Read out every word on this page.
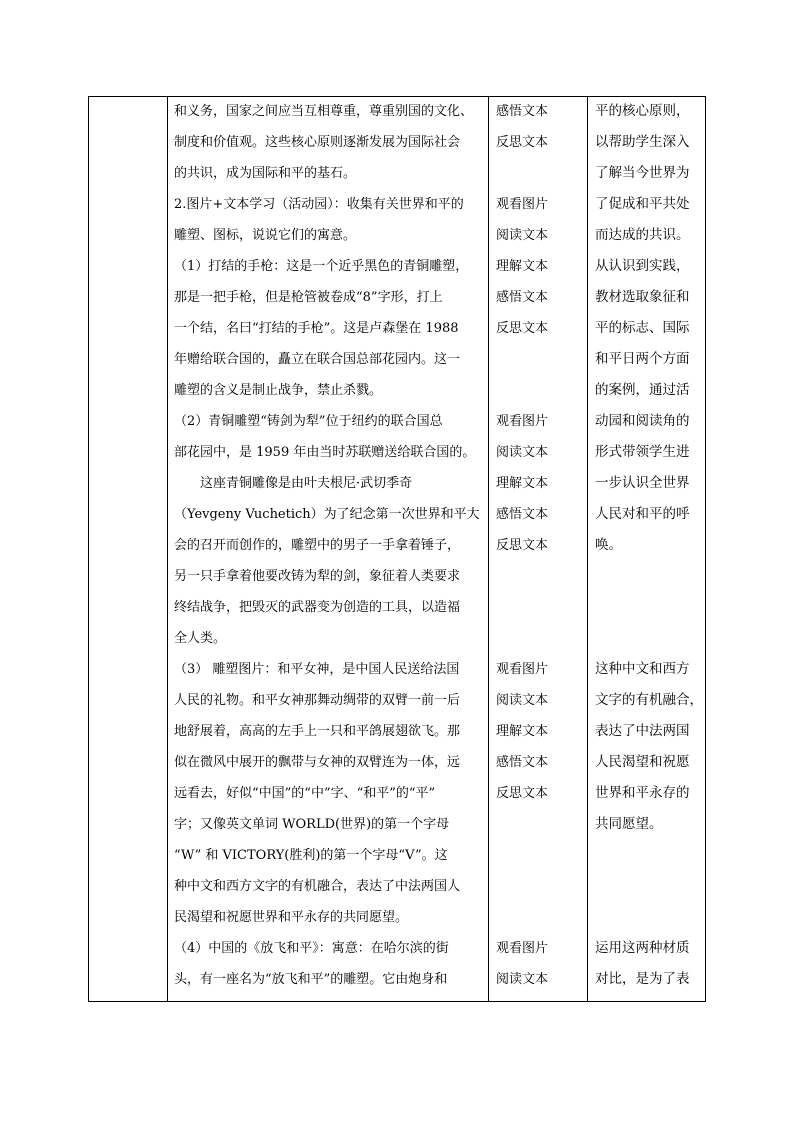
和义务，国家之间应当互相尊重，尊重别国的文化、
制度和价值观。这些核心原则逐渐发展为国际社会
的共识，成为国际和平的基石。
2.图片+文本学习（活动园）：收集有关世界和平的
雕塑、图标，说说它们的寓意。
（1）打结的手枪：这是一个近乎黑色的青铜雕塑，
那是一把手枪，但是枪管被卷成“8”字形，打上
一个结，名曰“打结的手枪”。这是卢森堡在 1988
年赠给联合国的，矗立在联合国总部花园内。这一
雕塑的含义是制止战争，禁止杀戮。
（2）青铜雕塑“铸剑为犁”位于纽约的联合国总
部花园中，是 1959 年由当时苏联赠送给联合国的。
　　这座青铜雕像是由叶夫根尼·武切季奇
（Yevgeny Vuchetich）为了纪念第一次世界和平大
会的召开而创作的，雕塑中的男子一手拿着锤子，
另一只手拿着他要改铸为犁的剑，象征着人类要求
终结战争，把毁灭的武器变为创造的工具，以造福
全人类。
（3） 雕塑图片：和平女神，是中国人民送给法国
人民的礼物。和平女神那舞动绸带的双臂一前一后
地舒展着，高高的左手上一只和平鸽展翅欲飞。那
似在微风中展开的飘带与女神的双臂连为一体，远
远看去，好似“中国”的“中”字、“和平”的“平”
字；又像英文单词 WORLD(世界)的第一个字母
“W” 和 VICTORY(胜利)的第一个字母“V”。这
种中文和西方文字的有机融合，表达了中法两国人
民渴望和祝愿世界和平永存的共同愿望。
（4）中国的《放飞和平》：寓意：在哈尔滨的街
头，有一座名为“放飞和平”的雕塑。它由炮身和
感悟文本
反思文本
观看图片
阅读文本
理解文本
感悟文本
反思文本
观看图片
阅读文本
理解文本
感悟文本
反思文本
观看图片
阅读文本
理解文本
感悟文本
反思文本
观看图片
阅读文本
平的核心原则，
以帮助学生深入
了解当今世界为
了促成和平共处
而达成的共识。
从认识到实践，
教材选取象征和
平的标志、国际
和平日两个方面
的案例，通过活
动园和阅读角的
形式带领学生进
一步认识全世界
人民对和平的呼
唤。
这种中文和西方
文字的有机融合，
表达了中法两国
人民渴望和祝愿
世界和平永存的
共同愿望。
运用这两种材质
对比，是为了表
